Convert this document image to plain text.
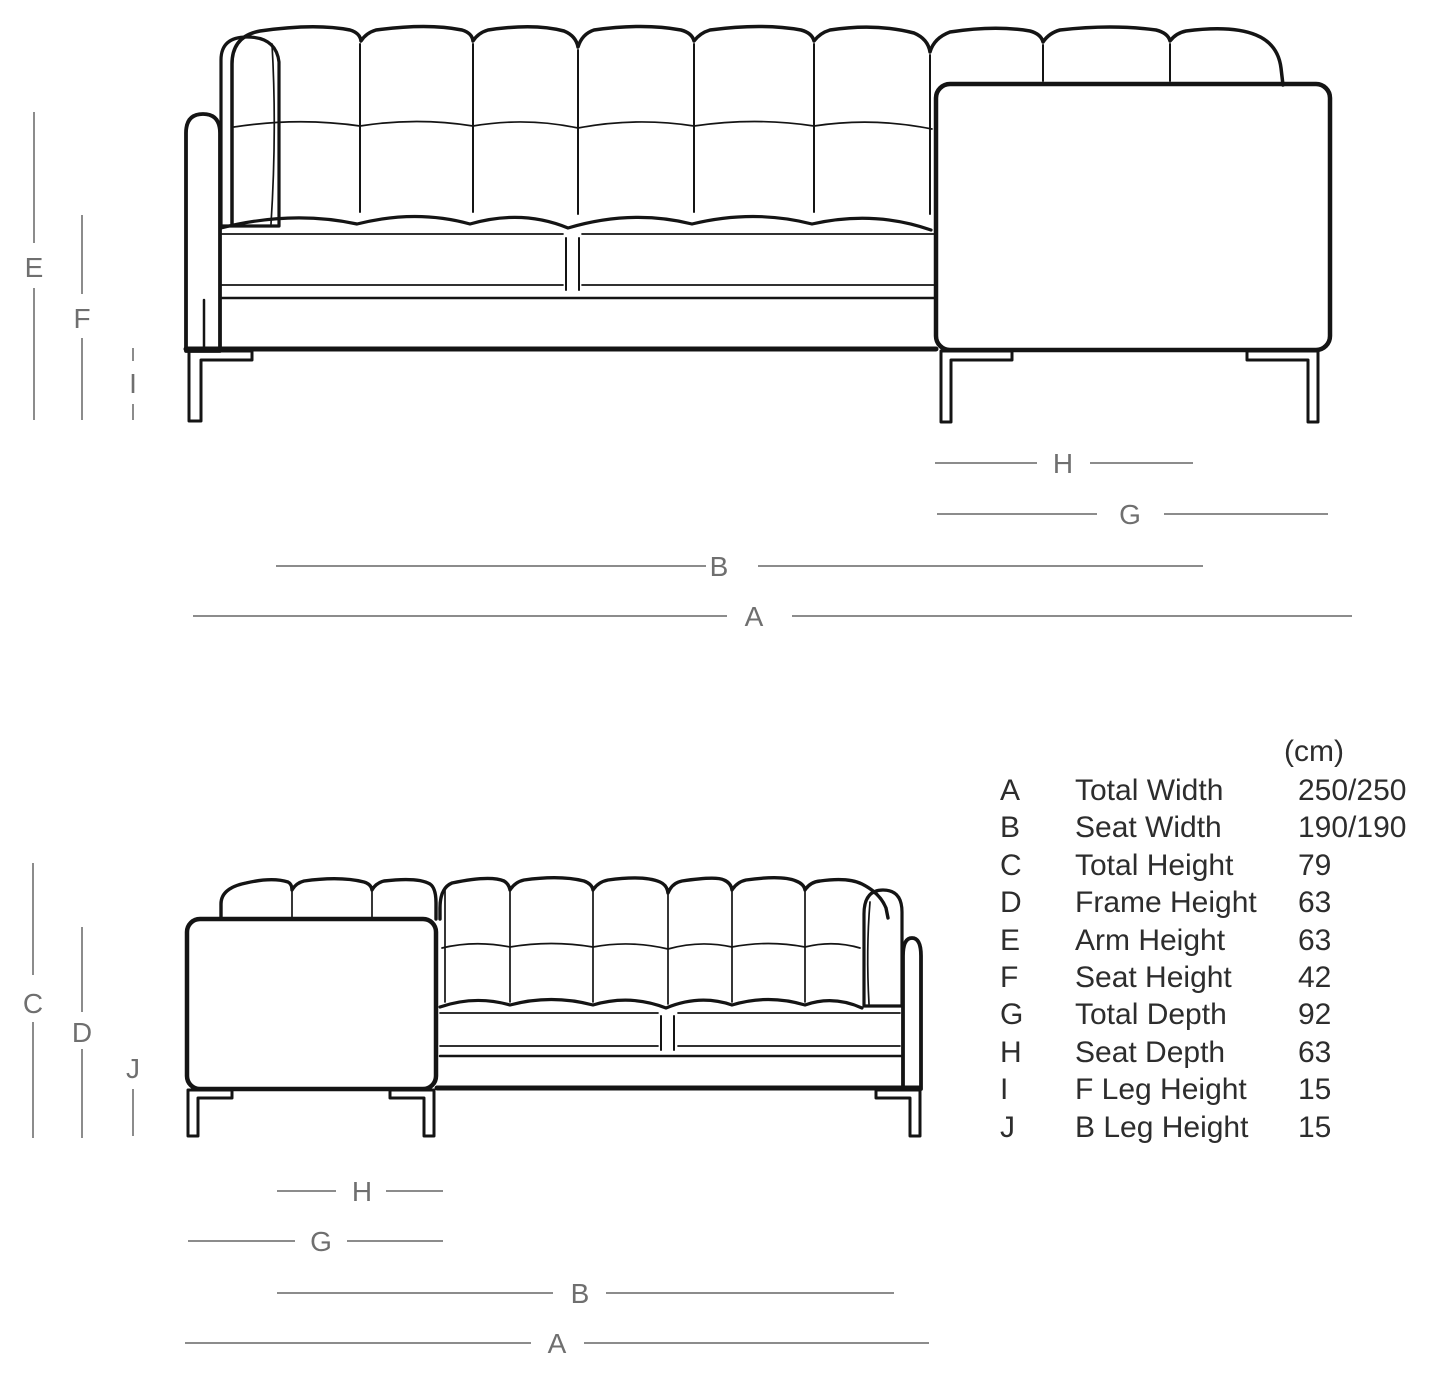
E
F
I
H
G
B
A
C
D
J
H
G
B
A
(cm)
A	Total Width	250/250
B	Seat Width	190/190
C	Total Height	79
D	Frame Height	63
E	Arm Height	63
F	Seat Height	42
G	Total Depth	92
H	Seat Depth	63
I	F Leg Height	15
J	B Leg Height	15
